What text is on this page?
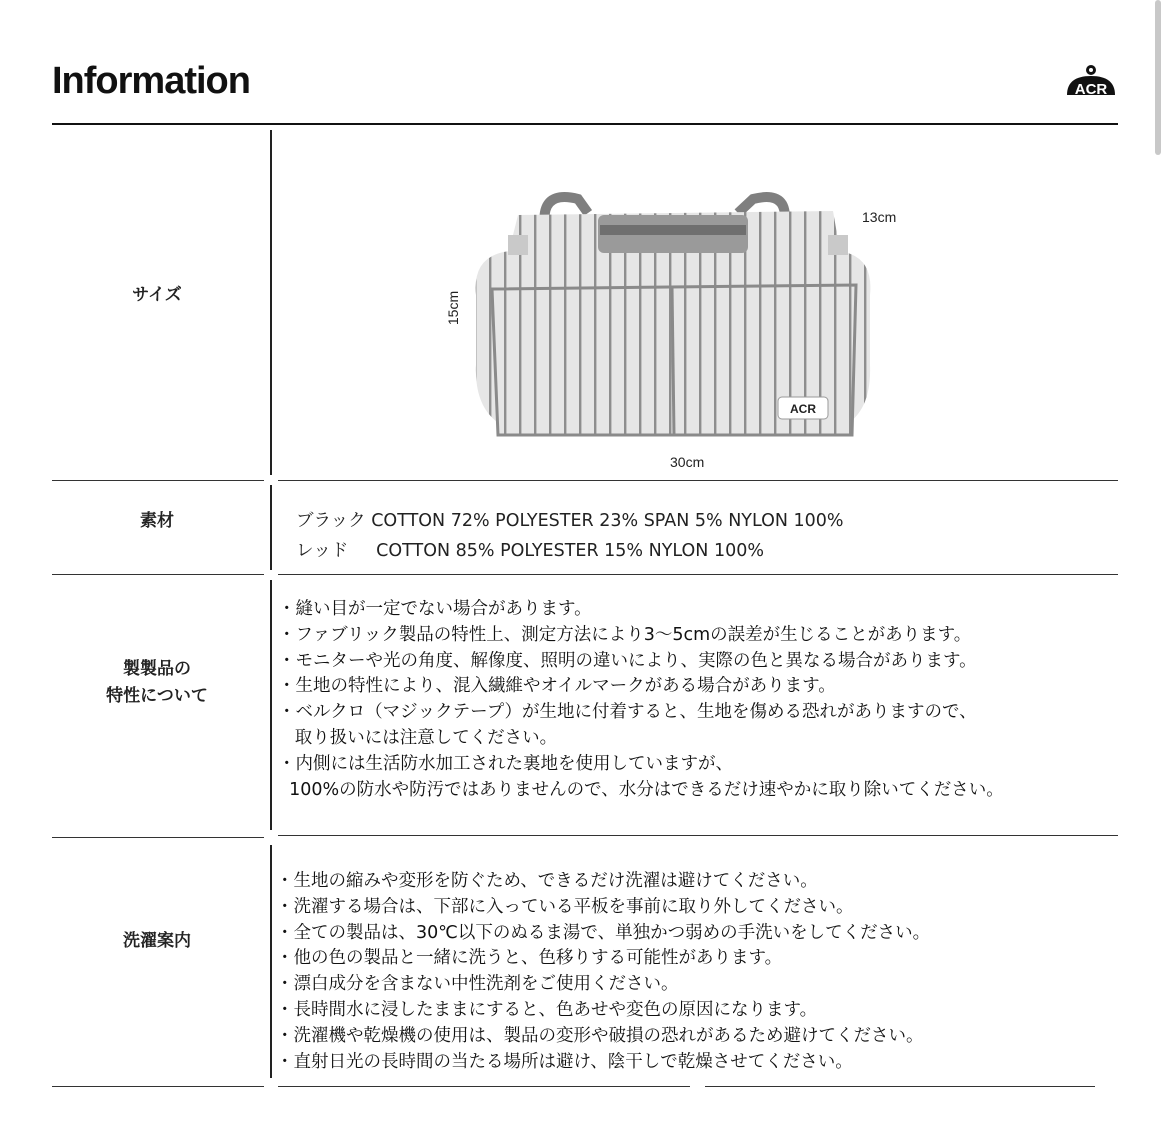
Information	ACR
サイズ
ACR
13cm
15cm
30cm
素材	ブラック COTTON 72% POLYESTER 23% SPAN 5% NYLON 100%
レッド     COTTON 85% POLYESTER 15% NYLON 100%
製製品の
特性について
・縫い目が一定でない場合があります。
・ファブリック製品の特性上、測定方法により3～5cmの誤差が生じることがあります。
・モニターや光の角度、解像度、照明の違いにより、実際の色と異なる場合があります。
・生地の特性により、混入繊維やオイルマークがある場合があります。
・ベルクロ（マジックテープ）が生地に付着すると、生地を傷める恐れがありますので、
取り扱いには注意してください。
・内側には生活防水加工された裏地を使用していますが、
100%の防水や防汚ではありませんので、水分はできるだけ速やかに取り除いてください。
洗濯案内
・生地の縮みや変形を防ぐため、できるだけ洗濯は避けてください。
・洗濯する場合は、下部に入っている平板を事前に取り外してください。
・全ての製品は、30℃以下のぬるま湯で、単独かつ弱めの手洗いをしてください。
・他の色の製品と一緒に洗うと、色移りする可能性があります。
・漂白成分を含まない中性洗剤をご使用ください。
・長時間水に浸したままにすると、色あせや変色の原因になります。
・洗濯機や乾燥機の使用は、製品の変形や破損の恐れがあるため避けてください。
・直射日光の長時間の当たる場所は避け、陰干しで乾燥させてください。
